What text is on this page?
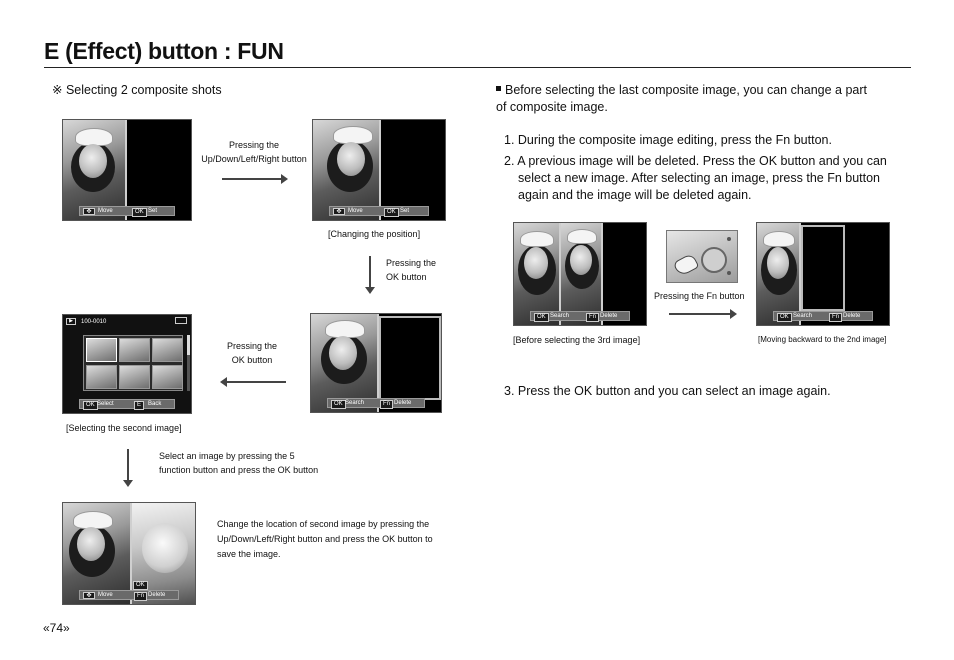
E (Effect) button : FUN
※ Selecting 2 composite shots
✥	Move	OK Set
Pressing the
Up/Down/Left/Right button
✥	Move	OK Set
[Changing the position]
Pressing the
OK button
OK Search	Fn Delete
Pressing the
OK button
▶	100-0010
OK Select	E	Back
[Selecting the second image]
Select an image by pressing the 5
function button and press the OK button
OK
✥	Move	Fn Delete
Change the location of second image by pressing the
Up/Down/Left/Right button and press the OK button to
save the image.
«74»
Before selecting the last composite image, you can change a part of composite image.
1. During the composite image editing, press the Fn button.
2. A previous image will be deleted. Press the OK button and you can select a new image. After selecting an image, press the Fn button again and the image will be deleted again.
OK Search	Fn Delete
[Before selecting the 3rd image]
Pressing the Fn button
OK Search	Fn Delete
[Moving backward to the 2nd image]
3. Press the OK button and you can select an image again.
